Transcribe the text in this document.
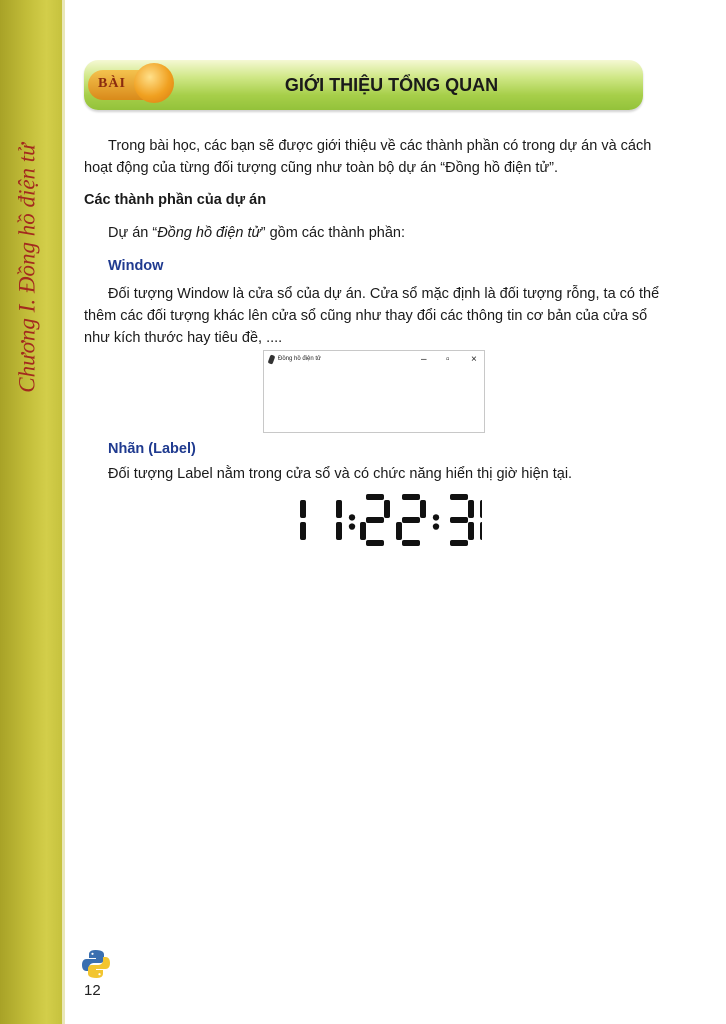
Chương I. Đồng hồ điện tử
BÀI	GIỚI THIỆU TỔNG QUAN

Trong bài học, các bạn sẽ được giới thiệu về các thành phần có trong dự án và cách hoạt động của từng đối tượng cũng như toàn bộ dự án “Đồng hồ điện tử”.

Các thành phần của dự án

Dự án “Đồng hồ điện tử” gồm các thành phần:

Window

Đối tượng Window là cửa sổ của dự án. Cửa sổ mặc định là đối tượng rỗng, ta có thể thêm các đối tượng khác lên cửa sổ cũng như thay đổi các thông tin cơ bản của cửa sổ như kích thước hay tiêu đề, ....

Đồng hồ điện tử	– ▫ ×
Nhãn (Label)
Đối tượng Label nằm trong cửa sổ và có chức năng hiển thị giờ hiện tại.
12
